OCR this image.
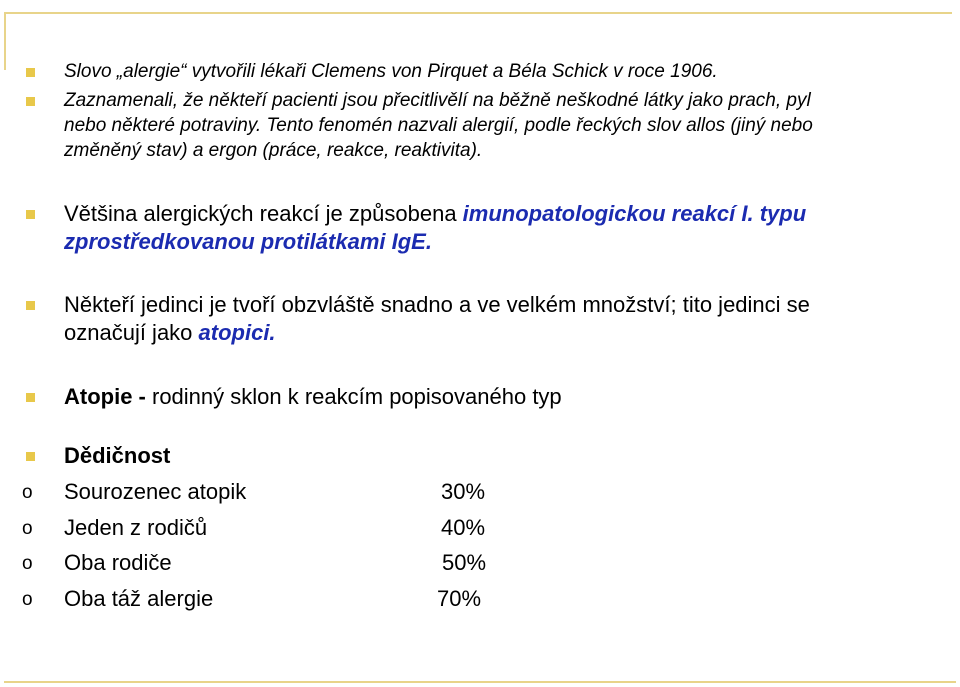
Slovo „alergie“ vytvořili lékaři Clemens von Pirquet a Béla Schick v roce 1906.
Zaznamenali, že někteří pacienti jsou přecitlivělí na běžně neškodné látky jako prach, pyl
nebo některé potraviny. Tento fenomén nazvali alergií, podle řeckých slov allos (jiný nebo
změněný stav) a ergon (práce, reakce, reaktivita).
Většina alergických reakcí je způsobena imunopatologickou reakcí I. typu
zprostředkovanou protilátkami IgE.
Někteří jedinci je tvoří obzvláště snadno a ve velkém množství; tito jedinci se
označují jako atopici.
Atopie - rodinný sklon k reakcím popisovaného typ
Dědičnost
o Sourozenec atopik	30%
o Jeden z rodičů	40%
o Oba rodiče	50%
o Oba táž alergie	70%
